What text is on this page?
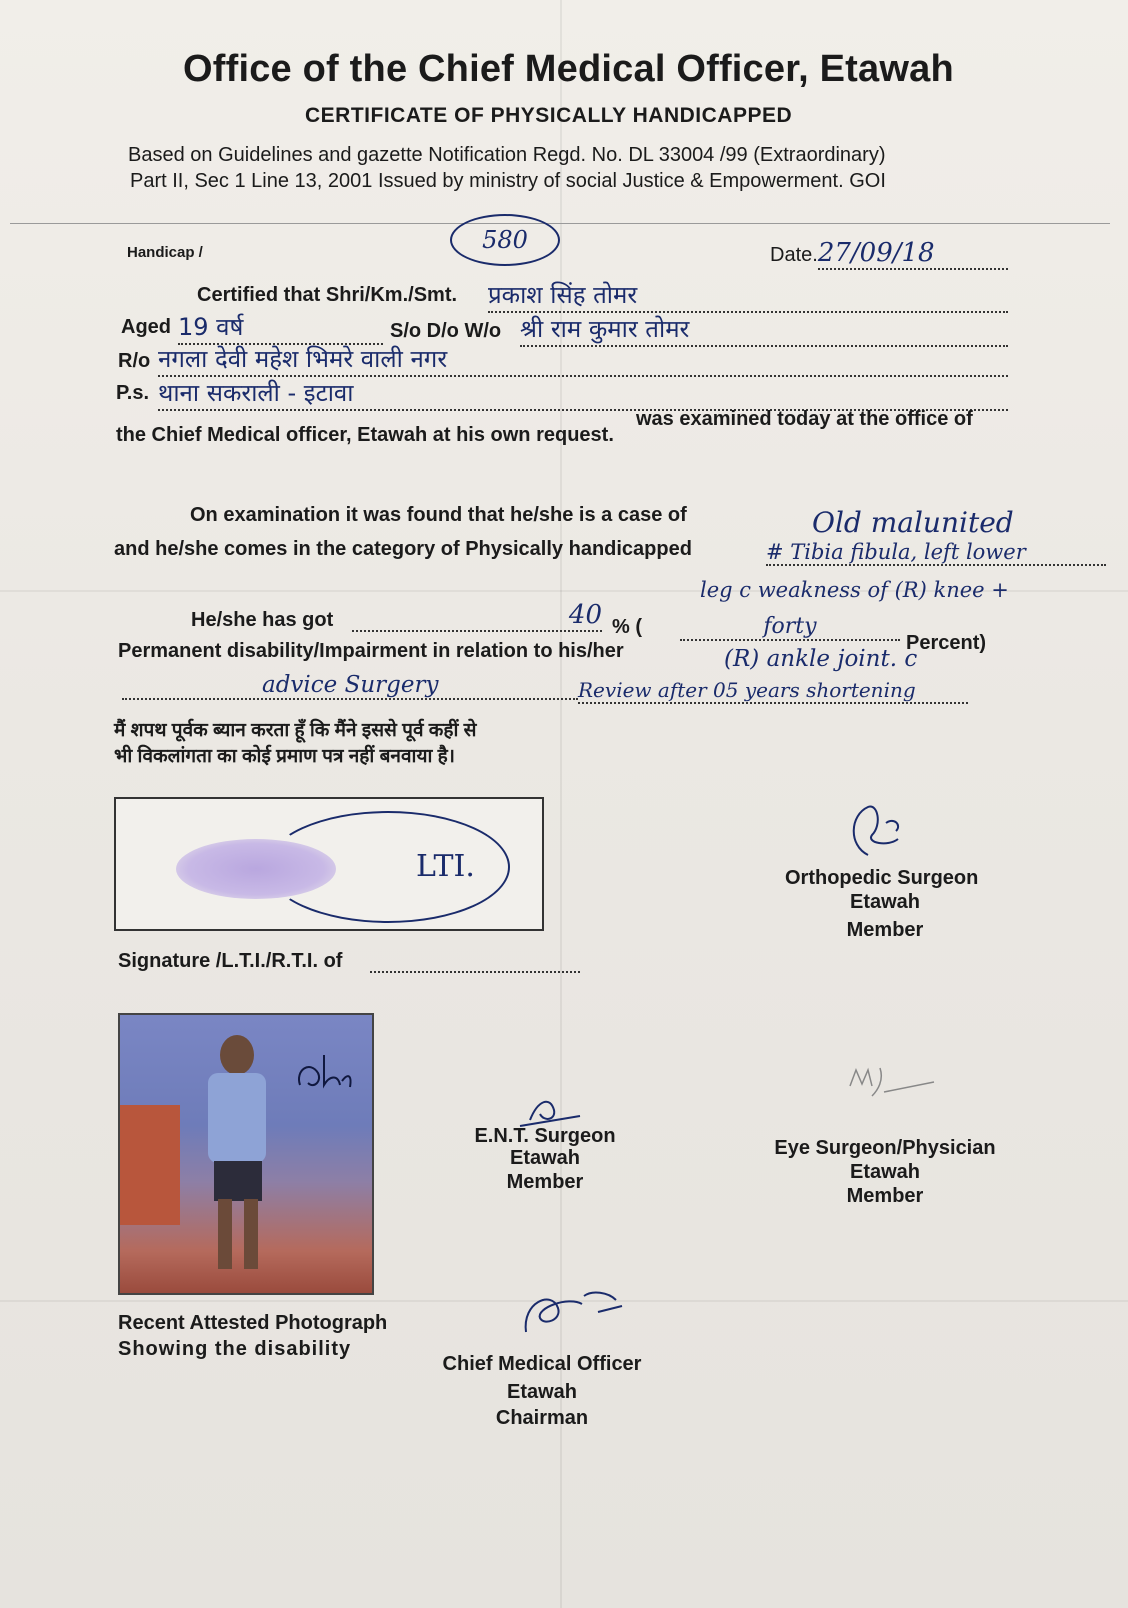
Office of the Chief Medical Officer, Etawah
CERTIFICATE OF PHYSICALLY HANDICAPPED
Based on Guidelines and gazette Notification Regd. No. DL 33004 /99 (Extraordinary)
Part II, Sec 1 Line 13, 2001 Issued by ministry of social Justice & Empowerment. GOI
Handicap /	580
Date.27/09/18
Certified that Shri/Km./Smt. प्रकाश सिंह तोमर
Aged 19 वर्ष	S/o D/o W/o श्री राम कुमार तोमर
R/o नगला देवी महेश भिमरे वाली नगर
P.s. थाना सकराली - इटावा
was examined today at the office of
the Chief Medical officer, Etawah at his own request.
On examination it was found that he/she is a case of	Old malunited
and he/she comes in the category of Physically handicapped	# Tibia fibula, left lower
leg c weakness of (R) knee +
He/she has got	40 % (	forty
Percent)
Permanent disability/Impairment in relation to his/her	(R) ankle joint. c
advice Surgery	Review after 05 years shortening
मैं शपथ पूर्वक ब्यान करता हूँ कि मैंने इससे पूर्व कहीं से
भी विकलांगता का कोई प्रमाण पत्र नहीं बनवाया है।
LTI.
Signature /L.T.I./R.T.I. of
Orthopedic Surgeon
Etawah
Member
Recent Attested Photograph
Showing the disability
E.N.T. Surgeon
Etawah
Member
Eye Surgeon/Physician
Etawah
Member
Chief Medical Officer
Etawah
Chairman
